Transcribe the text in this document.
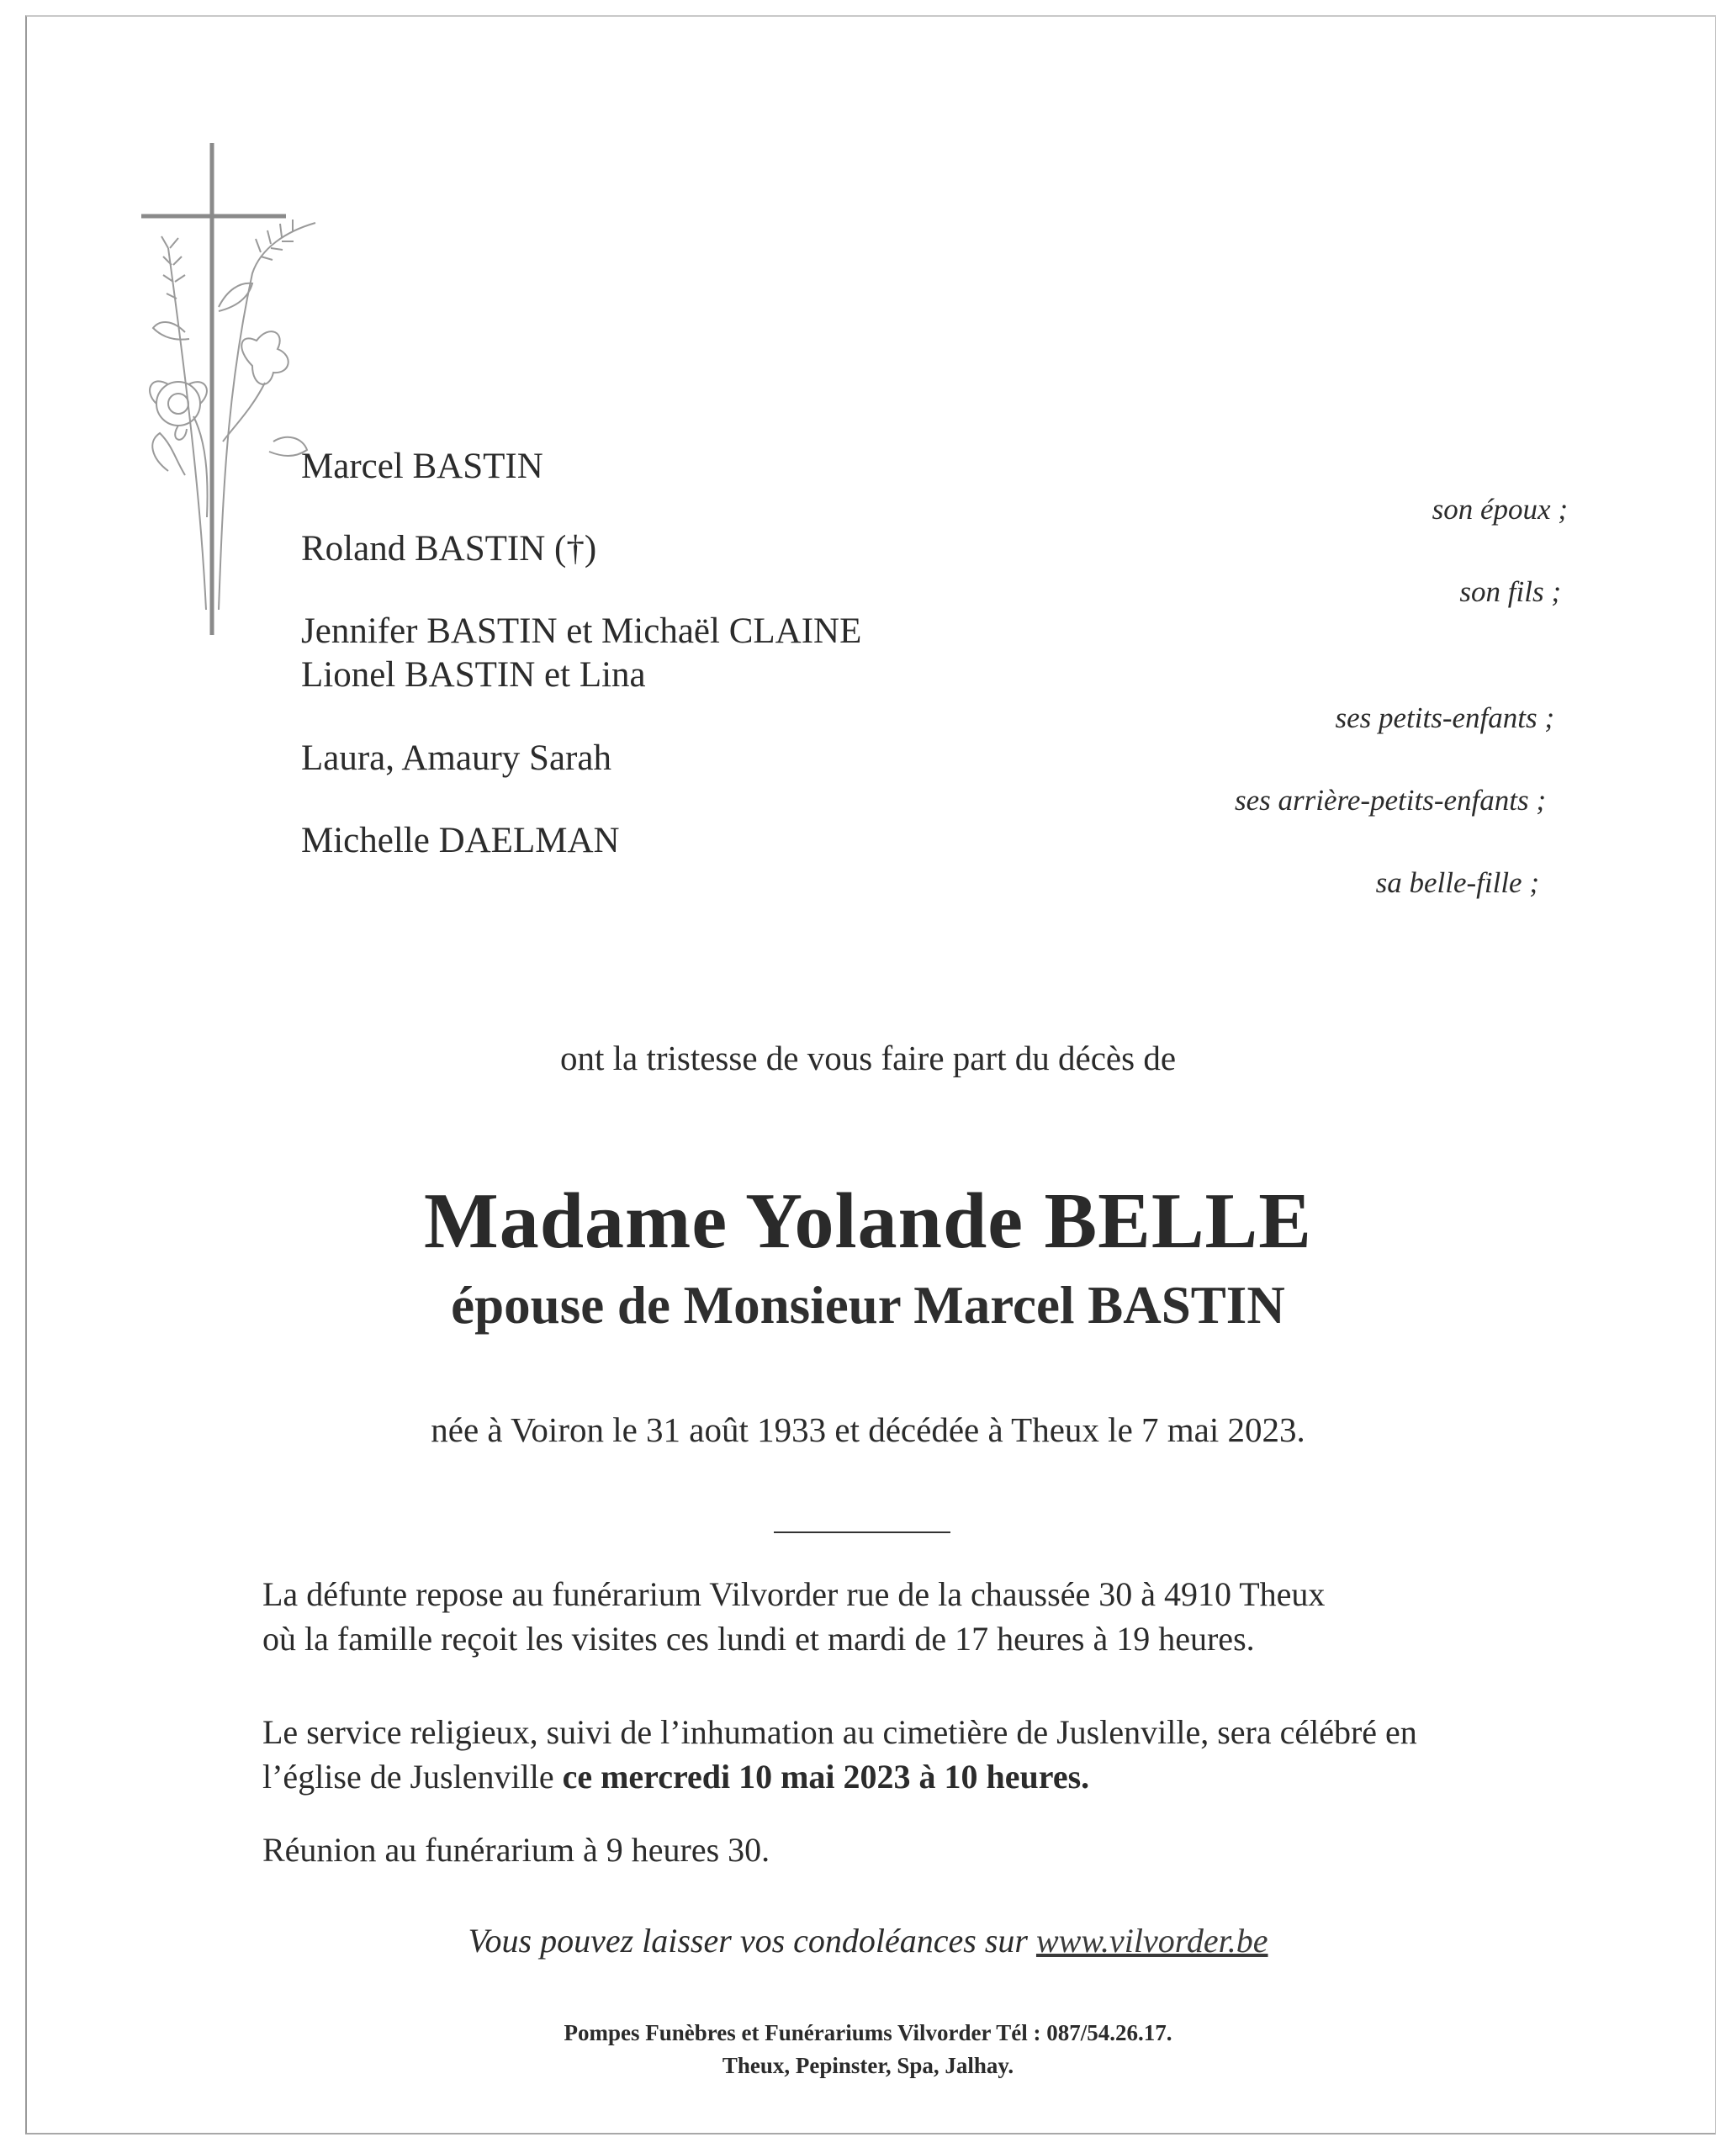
Marcel BASTIN
son époux ;
Roland BASTIN (†)
son fils ;
Jennifer BASTIN et Michaël CLAINE
Lionel BASTIN et Lina
ses petits-enfants ;
Laura, Amaury Sarah
ses arrière-petits-enfants ;
Michelle DAELMAN
sa belle-fille ;
ont la tristesse de vous faire part du décès de
Madame Yolande BELLE
épouse de Monsieur Marcel BASTIN
née à Voiron le 31 août 1933 et décédée à Theux le 7 mai 2023.
La défunte repose au funérarium Vilvorder rue de la chaussée 30 à 4910 Theux
où la famille reçoit les visites ces lundi et mardi de 17 heures à 19 heures.
Le service religieux, suivi de l’inhumation au cimetière de Juslenville, sera célébré en
l’église de Juslenville ce mercredi 10 mai 2023 à 10 heures.
Réunion au funérarium à 9 heures 30.
Vous pouvez laisser vos condoléances sur www.vilvorder.be
Pompes Funèbres et Funérariums Vilvorder Tél : 087/54.26.17.
Theux, Pepinster, Spa, Jalhay.
